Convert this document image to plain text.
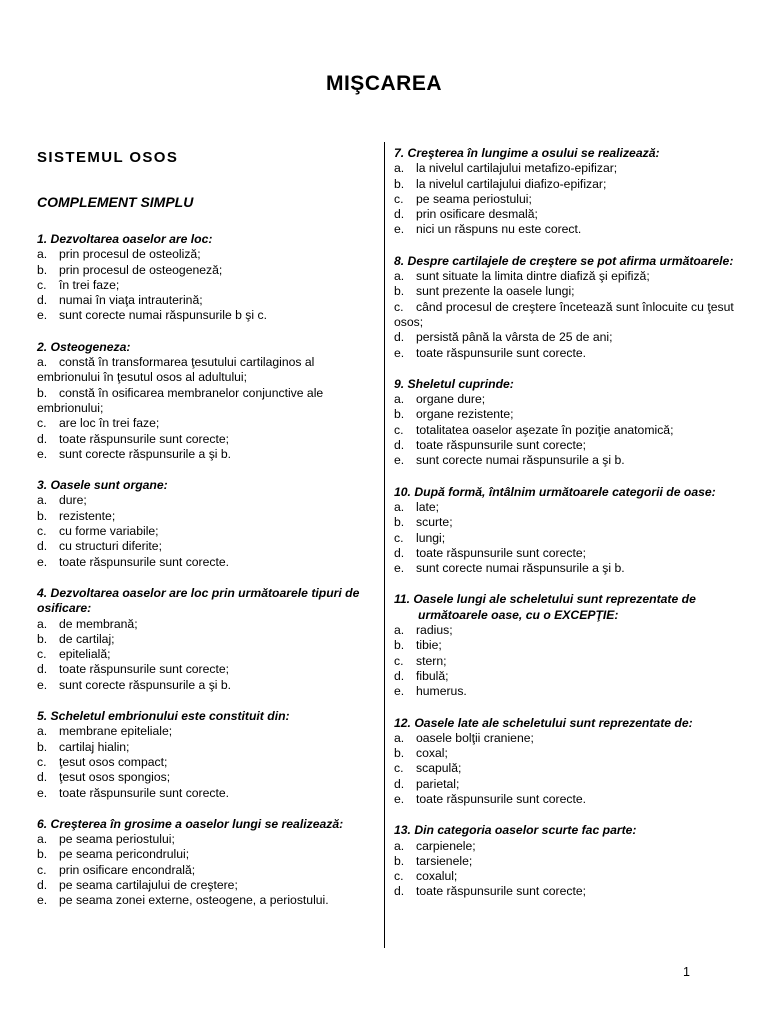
MIŞCAREA
SISTEMUL OSOS
COMPLEMENT SIMPLU
1. Dezvoltarea oaselor are loc:
a. prin procesul de osteoliză;
b. prin procesul de osteogeneză;
c. în trei faze;
d. numai în viaţa intrauterină;
e. sunt corecte numai răspunsurile b şi c.
2. Osteogeneza:
a. constă în transformarea ţesutului cartilaginos al embrionului în ţesutul osos al adultului;
b. constă în osificarea membranelor conjunctive ale embrionului;
c. are loc în trei faze;
d. toate răspunsurile sunt corecte;
e. sunt corecte răspunsurile a şi b.
3. Oasele sunt organe:
a. dure;
b. rezistente;
c. cu forme variabile;
d. cu structuri diferite;
e. toate răspunsurile sunt corecte.
4. Dezvoltarea oaselor are loc prin următoarele tipuri de osificare:
a. de membrană;
b. de cartilaj;
c. epitelială;
d. toate răspunsurile sunt corecte;
e. sunt corecte răspunsurile a şi b.
5. Scheletul embrionului este constituit din:
a. membrane epiteliale;
b. cartilaj hialin;
c. ţesut osos compact;
d. ţesut osos spongios;
e. toate răspunsurile sunt corecte.
6. Creşterea în grosime a oaselor lungi se realizează:
a. pe seama periostului;
b. pe seama pericondrului;
c. prin osificare encondrală;
d. pe seama cartilajului de creştere;
e. pe seama zonei externe, osteogene, a periostului.
7. Creşterea în lungime a osului se realizează:
a. la nivelul cartilajului metafizo-epifizar;
b. la nivelul cartilajului diafizo-epifizar;
c. pe seama periostului;
d. prin osificare desmală;
e. nici un răspuns nu este corect.
8. Despre cartilajele de creştere se pot afirma următoarele:
a. sunt situate la limita dintre diafiză şi epifiză;
b. sunt prezente la oasele lungi;
c. când procesul de creştere încetează sunt înlocuite cu ţesut osos;
d. persistă până la vârsta de 25 de ani;
e. toate răspunsurile sunt corecte.
9. Sheletul cuprinde:
a. organe dure;
b. organe rezistente;
c. totalitatea oaselor aşezate în poziţie anatomică;
d. toate răspunsurile sunt corecte;
e. sunt corecte numai răspunsurile a şi b.
10. După formă, întâlnim următoarele categorii de oase:
a. late;
b. scurte;
c. lungi;
d. toate răspunsurile sunt corecte;
e. sunt corecte numai răspunsurile a şi b.
11. Oasele lungi ale scheletului sunt reprezentate de următoarele oase, cu o EXCEPŢIE:
a. radius;
b. tibie;
c. stern;
d. fibulă;
e. humerus.
12. Oasele late ale scheletului sunt reprezentate de:
a. oasele bolţii craniene;
b. coxal;
c. scapulă;
d. parietal;
e. toate răspunsurile sunt corecte.
13. Din categoria oaselor scurte fac parte:
a. carpienele;
b. tarsienele;
c. coxalul;
d. toate răspunsurile sunt corecte;
1
